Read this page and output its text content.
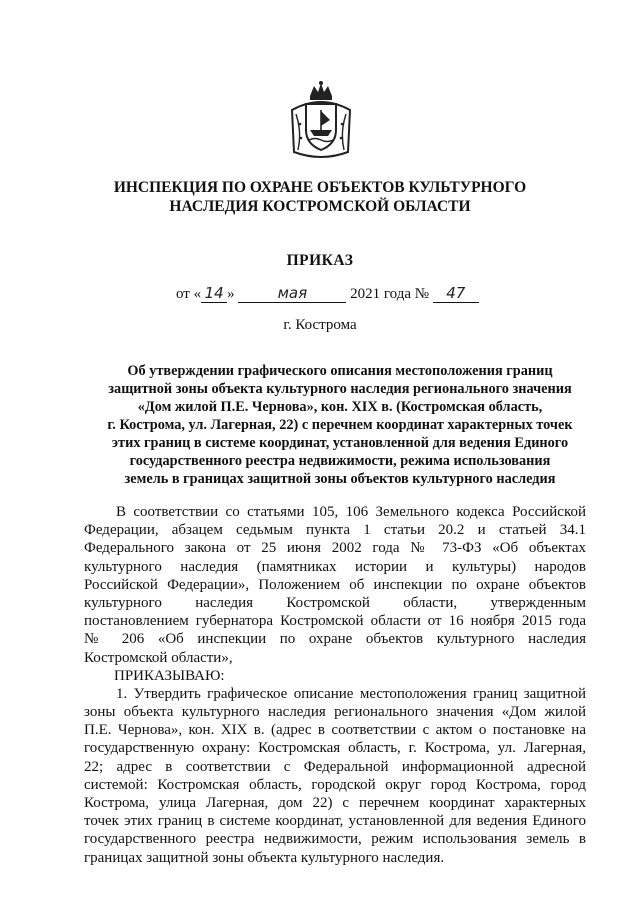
ИНСПЕКЦИЯ ПО ОХРАНЕ ОБЪЕКТОВ КУЛЬТУРНОГО
НАСЛЕДИЯ КОСТРОМСКОЙ ОБЛАСТИ
ПРИКАЗ
от « 14 »	мая	2021 года № 47
г. Кострома
Об утверждении графического описания местоположения границ
защитной зоны объекта культурного наследия регионального значения
«Дом жилой П.Е. Чернова», кон. XIX в. (Костромская область,
г. Кострома, ул. Лагерная, 22) с перечнем координат характерных точек
этих границ в системе координат, установленной для ведения Единого
государственного реестра недвижимости, режима использования
земель в границах защитной зоны объектов культурного наследия
В соответствии со статьями 105, 106 Земельного кодекса Российской
Федерации, абзацем седьмым пункта 1 статьи 20.2 и статьей 34.1
Федерального закона от 25 июня 2002 года № 73-ФЗ «Об объектах
культурного наследия (памятниках истории и культуры) народов
Российской Федерации», Положением об инспекции по охране объектов
культурного наследия Костромской области, утвержденным
постановлением губернатора Костромской области от 16 ноября 2015 года
№ 206 «Об инспекции по охране объектов культурного наследия
Костромской области»,
ПРИКАЗЫВАЮ:
1. Утвердить графическое описание местоположения границ защитной
зоны объекта культурного наследия регионального значения «Дом жилой
П.Е. Чернова», кон. XIX в. (адрес в соответствии с актом о постановке на
государственную охрану: Костромская область, г. Кострома, ул. Лагерная,
22; адрес в соответствии с Федеральной информационной адресной
системой: Костромская область, городской округ город Кострома, город
Кострома, улица Лагерная, дом 22) с перечнем координат характерных
точек этих границ в системе координат, установленной для ведения Единого
государственного реестра недвижимости, режим использования земель в
границах защитной зоны объекта культурного наследия.
